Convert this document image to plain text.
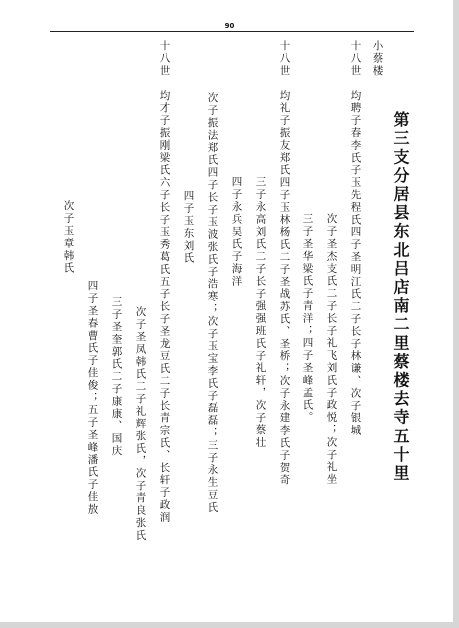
90
第三支分居县东北吕店南二里蔡楼去寺五十里
小蔡楼
十八世　均聘子春李氏子玉先程氏四子圣明江氏二子长子林谦、次子银城
次子圣杰支氏二子长子礼飞刘氏子政悦；次子礼坐
三子圣华梁氏子青洋；四子圣峰孟氏。
十八世　均礼子振友郑氏四子玉林杨氏二子圣战苏氏、圣桥；次子永建李氏子贺奇
三子永高刘氏二子长子强强班氏子礼轩，次子蔡壮
四子永兵吴氏子海洋
次子振法郑氏四子长子玉波张氏子浩寒；次子玉宝李氏子磊磊；三子永生豆氏
四子玉东刘氏
十八世　均才子振刚梁氏六子长子玉秀葛氏五子长子圣龙豆氏二子长青宗氏、长轩子政润
次子圣凤韩氏二子礼辉张氏，次子青良张氏
三子圣奎郭氏二子康康、国庆
四子圣春曹氏子佳俊；五子圣峰潘氏子佳敖
次子玉章韩氏
